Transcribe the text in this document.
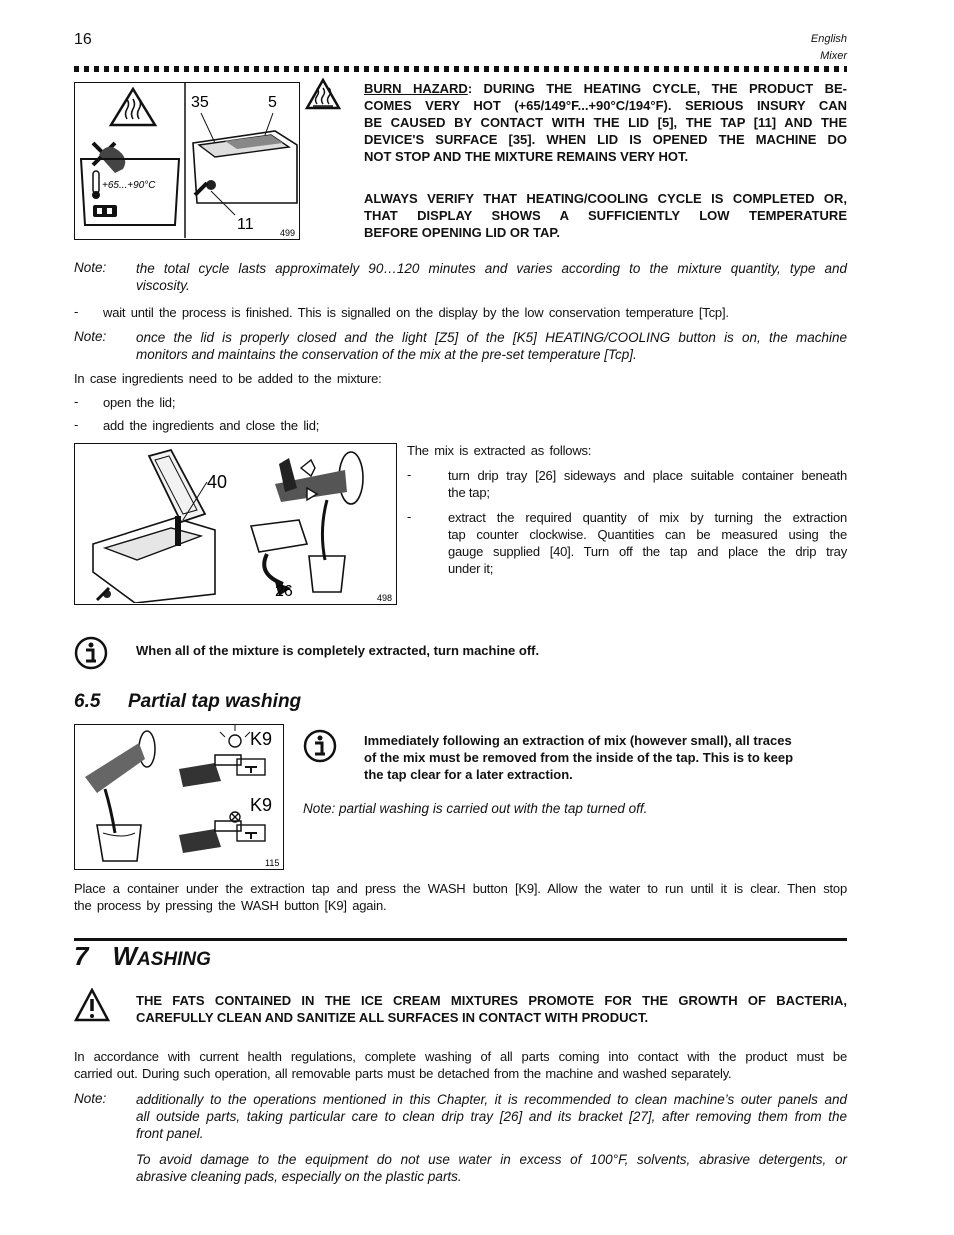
16	English
Mixer
+65...+90°C
35	5
11	499
BURN HAZARD: DURING THE HEATING CYCLE, THE PRODUCT BE-
COMES VERY HOT (+65/149°F...+90°C/194°F). SERIOUS INSURY CAN
BE CAUSED BY CONTACT WITH THE LID [5], THE TAP [11] AND THE
DEVICE'S SURFACE [35]. WHEN LID IS OPENED THE MACHINE DO
NOT STOP AND THE MIXTURE REMAINS VERY HOT.
ALWAYS VERIFY THAT HEATING/COOLING CYCLE IS COMPLETED OR,
THAT DISPLAY SHOWS A SUFFICIENTLY LOW TEMPERATURE
BEFORE OPENING LID OR TAP.
Note: the total cycle lasts approximately 90…120 minutes and varies according to the mixture quantity, type and
viscosity.
- wait until the process is finished. This is signalled on the display by the low conservation temperature [Tcp].
Note: once the lid is properly closed and the light [Z5] of the [K5] HEATING/COOLING button is on, the machine
monitors and maintains the conservation of the mix at the pre-set temperature [Tcp].
In case ingredients need to be added to the mixture:
- open the lid;
- add the ingredients and close the lid;
40
26	498
The mix is extracted as follows:
-	turn drip tray [26] sideways and place suitable container beneath
the tap;
-	extract the required quantity of mix by turning the extraction
tap counter clockwise. Quantities can be measured using the
gauge supplied [40]. Turn off the tap and place the drip tray
under it;
When all of the mixture is completely extracted, turn machine off.
6.5 Partial tap washing
K9
K9
115
Immediately following an extraction of mix (however small), all traces
of the mix must be removed from the inside of the tap. This is to keep
the tap clear for a later extraction.
Note: partial washing is carried out with the tap turned off.
Place a container under the extraction tap and press the WASH button [K9]. Allow the water to run until it is clear. Then stop
the process by pressing the WASH button [K9] again.
7 WASHING
THE FATS CONTAINED IN THE ICE CREAM MIXTURES PROMOTE FOR THE GROWTH OF BACTERIA,
CAREFULLY CLEAN AND SANITIZE ALL SURFACES IN CONTACT WITH PRODUCT.
In accordance with current health regulations, complete washing of all parts coming into contact with the product must be
carried out. During such operation, all removable parts must be detached from the machine and washed separately.
Note: additionally to the operations mentioned in this Chapter, it is recommended to clean machine’s outer panels and
all outside parts, taking particular care to clean drip tray [26] and its bracket [27], after removing them from the
front panel.
To avoid damage to the equipment do not use water in excess of 100°F, solvents, abrasive detergents, or
abrasive cleaning pads, especially on the plastic parts.
